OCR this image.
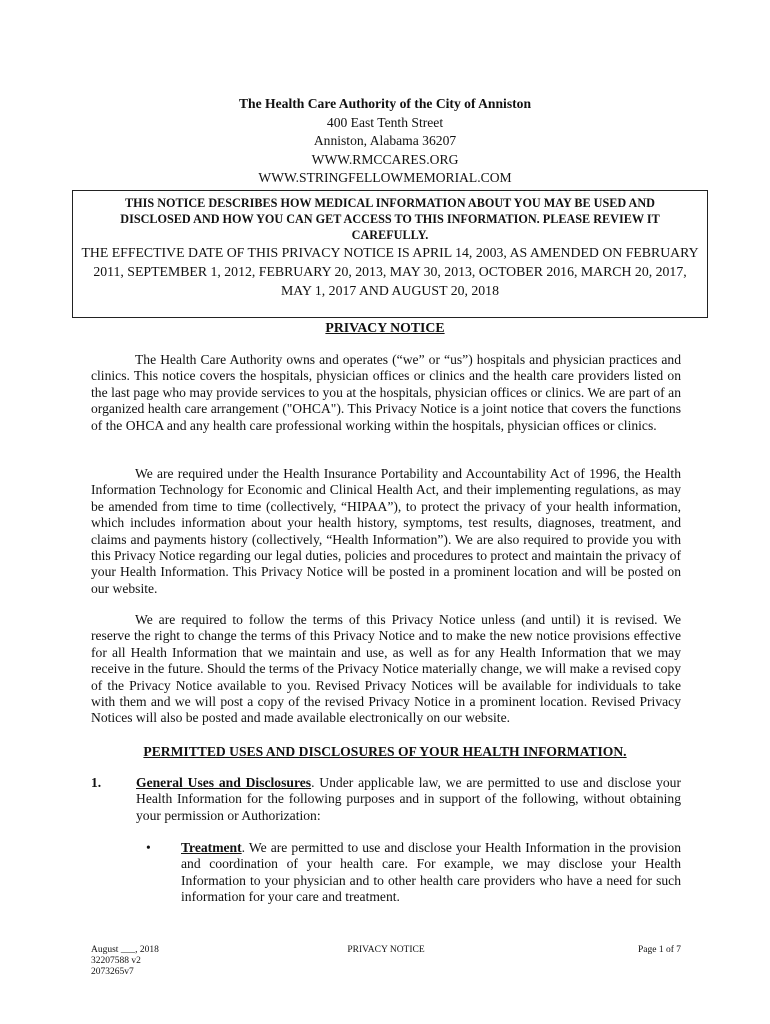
The Health Care Authority of the City of Anniston
400 East Tenth Street
Anniston, Alabama 36207
WWW.RMCCARES.ORG
WWW.STRINGFELLOWMEMORIAL.COM
THIS NOTICE DESCRIBES HOW MEDICAL INFORMATION ABOUT YOU MAY BE USED AND DISCLOSED AND HOW YOU CAN GET ACCESS TO THIS INFORMATION. PLEASE REVIEW IT CAREFULLY.
THE EFFECTIVE DATE OF THIS PRIVACY NOTICE IS APRIL 14, 2003, AS AMENDED ON FEBRUARY 2011, SEPTEMBER 1, 2012, FEBRUARY 20, 2013, MAY 30, 2013, OCTOBER 2016, MARCH 20, 2017, MAY 1, 2017 AND AUGUST 20, 2018
PRIVACY NOTICE

The Health Care Authority owns and operates (“we” or “us”) hospitals and physician practices and clinics. This notice covers the hospitals, physician offices or clinics and the health care providers listed on the last page who may provide services to you at the hospitals, physician offices or clinics. We are part of an organized health care arrangement ("OHCA"). This Privacy Notice is a joint notice that covers the functions of the OHCA and any health care professional working within the hospitals, physician offices or clinics.

We are required under the Health Insurance Portability and Accountability Act of 1996, the Health Information Technology for Economic and Clinical Health Act, and their implementing regulations, as may be amended from time to time (collectively, “HIPAA”), to protect the privacy of your health information, which includes information about your health history, symptoms, test results, diagnoses, treatment, and claims and payments history (collectively, “Health Information”). We are also required to provide you with this Privacy Notice regarding our legal duties, policies and procedures to protect and maintain the privacy of your Health Information. This Privacy Notice will be posted in a prominent location and will be posted on our website.

We are required to follow the terms of this Privacy Notice unless (and until) it is revised. We reserve the right to change the terms of this Privacy Notice and to make the new notice provisions effective for all Health Information that we maintain and use, as well as for any Health Information that we may receive in the future. Should the terms of the Privacy Notice materially change, we will make a revised copy of the Privacy Notice available to you. Revised Privacy Notices will be available for individuals to take with them and we will post a copy of the revised Privacy Notice in a prominent location. Revised Privacy Notices will also be posted and made available electronically on our website.

PERMITTED USES AND DISCLOSURES OF YOUR HEALTH INFORMATION.
1.	General Uses and Disclosures. Under applicable law, we are permitted to use and disclose your Health Information for the following purposes and in support of the following, without obtaining your permission or Authorization:
• Treatment. We are permitted to use and disclose your Health Information in the provision and coordination of your health care. For example, we may disclose your Health Information to your physician and to other health care providers who have a need for such information for your care and treatment.
August ___, 2018
32207588 v2
2073265v7
PRIVACY NOTICE	Page 1 of 7
